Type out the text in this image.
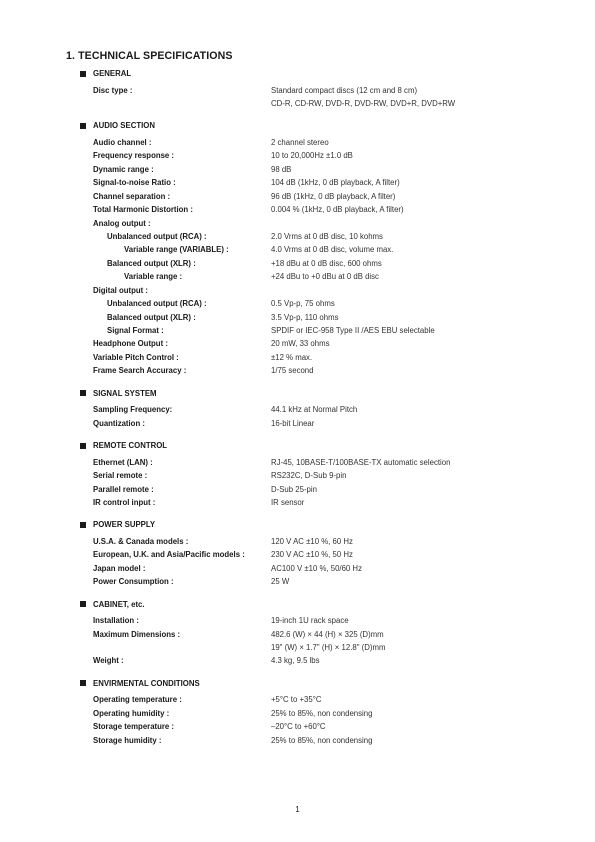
1. TECHNICAL SPECIFICATIONS
GENERAL
Disc type :	Standard compact discs (12 cm and 8 cm)
CD-R, CD-RW, DVD-R, DVD-RW, DVD+R, DVD+RW
AUDIO SECTION
Audio channel :	2 channel stereo
Frequency response :	10 to 20,000Hz ±1.0 dB
Dynamic range :	98 dB
Signal-to-noise Ratio :	104 dB (1kHz, 0 dB playback, A filter)
Channel separation :	96 dB (1kHz, 0 dB playback, A filter)
Total Harmonic Distortion :	0.004 % (1kHz, 0 dB playback, A filter)
Analog output :
Unbalanced output (RCA) :	2.0 Vrms at 0 dB disc, 10 kohms
Variable range (VARIABLE) :	4.0 Vrms at 0 dB disc, volume max.
Balanced output (XLR) :	+18 dBu at 0 dB disc, 600 ohms
Variable range :	+24 dBu to +0 dBu at 0 dB disc
Digital output :
Unbalanced output (RCA) :	0.5 Vp-p, 75 ohms
Balanced output (XLR) :	3.5 Vp-p, 110 ohms
Signal Format :	SPDIF or IEC-958 Type II /AES EBU selectable
Headphone Output :	20 mW, 33 ohms
Variable Pitch Control :	±12 % max.
Frame Search Accuracy :	1/75 second
SIGNAL SYSTEM
Sampling Frequency:	44.1 kHz at Normal Pitch
Quantization :	16-bit Linear
REMOTE CONTROL
Ethernet (LAN) :	RJ-45, 10BASE-T/100BASE-TX automatic selection
Serial remote :	RS232C, D-Sub 9-pin
Parallel remote :	D-Sub 25-pin
IR control input :	IR sensor
POWER SUPPLY
U.S.A. & Canada models :	120 V AC ±10 %, 60 Hz
European, U.K. and Asia/Pacific models :	230 V AC ±10 %, 50 Hz
Japan model :	AC100 V ±10 %, 50/60 Hz
Power Consumption :	25 W
CABINET, etc.
Installation :	19-inch 1U rack space
Maximum Dimensions :	482.6 (W) × 44 (H) × 325 (D)mm
19" (W) × 1.7" (H) × 12.8" (D)mm
Weight :	4.3 kg, 9.5 lbs
ENVIRMENTAL CONDITIONS
Operating temperature :	+5°C to +35°C
Operating humidity :	25% to 85%, non condensing
Storage temperature :	–20°C to +60°C
Storage humidity :	25% to 85%, non condensing
1
